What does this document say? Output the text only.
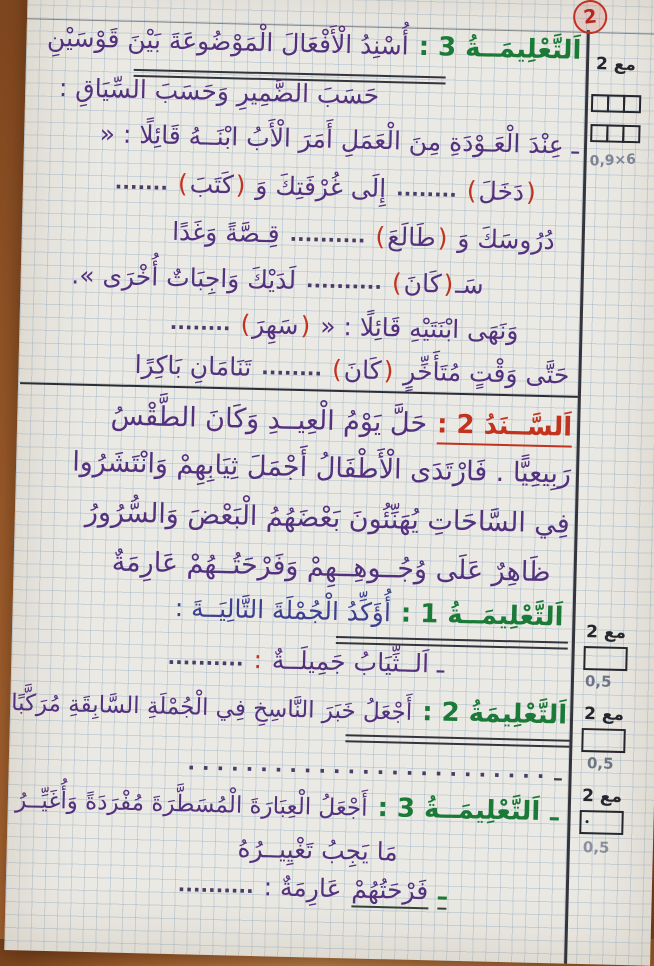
اَلتَّعْلِيمَــةُ 3 : أُسْنِدُ الْأَفْعَالَ الْمَوْضُوعَةَ بَيْنَ قَوْسَيْنِ
حَسَبَ الضَّمِيرِ وَحَسَبَ السِّيَاقِ :
ـ عِنْدَ الْعَـوْدَةِ مِنَ الْعَمَلِ أَمَرَ الْأَبُ ابْنَــهُ قَائِلًا : «
(دَخَلَ) ........ إِلَى غُرْفَتِكَ وَ (كَتَبَ) .......
دُرُوسَكَ وَ (طَالَعَ) .......... قِـصَّةً وَغَدًا
سَـ(كَانَ) .......... لَدَيْكَ وَاجِبَاتٌ أُخْرَى ».
وَنَهَى ابْنَتَيْهِ قَائِلًا : « (سَهِرَ) ........
حَتَّى وَقْتٍ مُتَأَخِّرٍ (كَانَ) ........ تَنَامَانِ بَاكِرًا
اَلسَّــنَدُ 2 : حَلَّ يَوْمُ الْعِيــدِ وَكَانَ الطَّقْسُ
رَبِيعِيًّا . فَارْتَدَى الْأَطْفَالُ أَجْمَلَ ثِيَابِهِمْ وَانْتَشَرُوا
فِي السَّاحَاتِ يُهَنِّئُونَ بَعْضَهُمُ الْبَعْضَ وَالسُّرُورُ
ظَاهِرٌ عَلَى وُجُــوهِــهِمْ وَفَرْحَتُــهُمْ عَارِمَةٌ
اَلتَّعْلِيمَــةُ 1 : أُؤَكِّدُ الْجُمْلَةَ التَّالِيَــةَ :
ـ اَلــثِّيَابُ جَمِيلَــةٌ : ..........
اَلتَّعْلِيمَةُ 2 : أَجْعَلُ خَبَرَ النَّاسِخِ فِي الْجُمْلَةِ السَّابِقَةِ مُرَكَّبًا
ـ . . . . . . . . . . . . . . . . . . . . . . . . .
ـ اَلتَّعْلِيمَــةُ 3 : أَجْعَلُ الْعِبَارَةَ الْمُسَطَّرَةَ مُفْرَدَةً وَأُغَيِّــرُ
مَا يَجِبُ تَغْيِيــرُهُ
ـ فَرْحَتُهُمْ عَارِمَةٌ : ..........
2
مع 2
0,9×6
مع 2
0,5
مع 2
0,5
مع 2
0,5
